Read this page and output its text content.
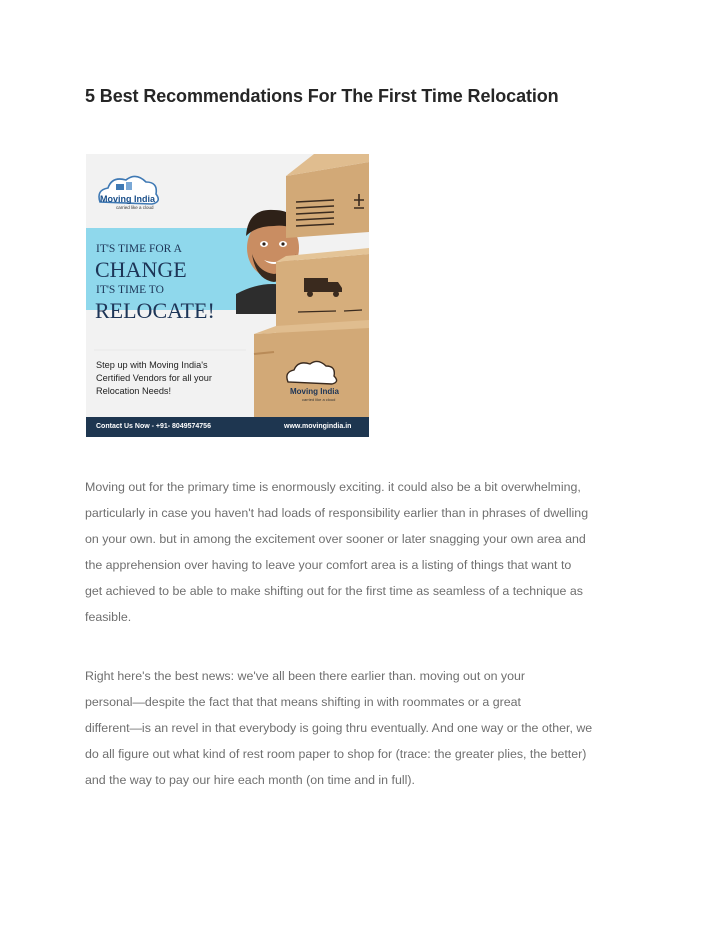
5 Best Recommendations For The First Time Relocation
Moving India
carried like a cloud
IT'S TIME FOR A
CHANGE
IT'S TIME TO
RELOCATE!
Step up with Moving India's
Certified Vendors for all your
Relocation Needs!	Moving India
carried like a cloud
Contact Us Now - +91- 8049574756	www.movingindia.in
Moving out for the primary time is enormously exciting. it could also be a bit overwhelming,
particularly in case you haven't had loads of responsibility earlier than in phrases of dwelling
on your own. but in among the excitement over sooner or later snagging your own area and
the apprehension over having to leave your comfort area is a listing of things that want to
get achieved to be able to make shifting out for the first time as seamless of a technique as
feasible.
Right here's the best news: we've all been there earlier than. moving out on your
personal—despite the fact that that means shifting in with roommates or a great
different—is an revel in that everybody is going thru eventually. And one way or the other, we
do all figure out what kind of rest room paper to shop for (trace: the greater plies, the better)
and the way to pay our hire each month (on time and in full).
